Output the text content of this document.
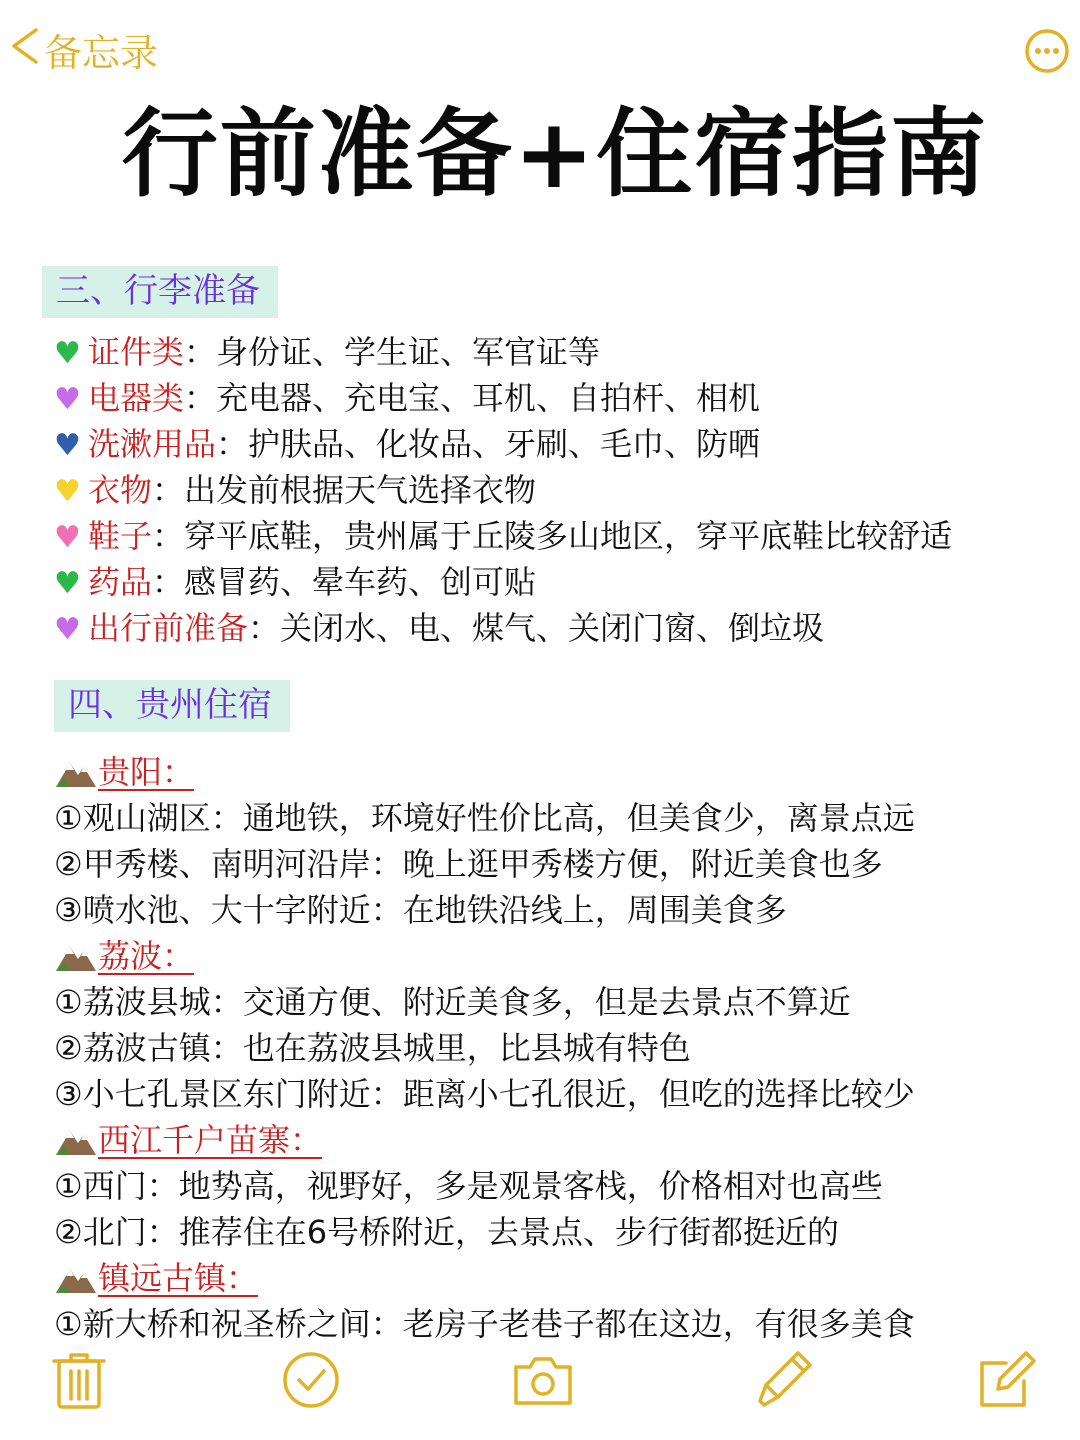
备忘录
行前准备+住宿指南
三、行李准备
♥ 证件类：身份证、学生证、军官证等
♥ 电器类：充电器、充电宝、耳机、自拍杆、相机
♥ 洗漱用品：护肤品、化妆品、牙刷、毛巾、防晒
♥ 衣物：出发前根据天气选择衣物
♥ 鞋子：穿平底鞋，贵州属于丘陵多山地区，穿平底鞋比较舒适
♥ 药品：感冒药、晕车药、创可贴
♥ 出行前准备：关闭水、电、煤气、关闭门窗、倒垃圾
四、贵州住宿
贵阳：
①观山湖区：通地铁，环境好性价比高，但美食少，离景点远
②甲秀楼、南明河沿岸：晚上逛甲秀楼方便，附近美食也多
③喷水池、大十字附近：在地铁沿线上，周围美食多
荔波：
①荔波县城：交通方便、附近美食多，但是去景点不算近
②荔波古镇：也在荔波县城里，比县城有特色
③小七孔景区东门附近：距离小七孔很近，但吃的选择比较少
西江千户苗寨：
①西门：地势高，视野好，多是观景客栈，价格相对也高些
②北门：推荐住在6号桥附近，去景点、步行街都挺近的
镇远古镇：
①新大桥和祝圣桥之间：老房子老巷子都在这边，有很多美食
